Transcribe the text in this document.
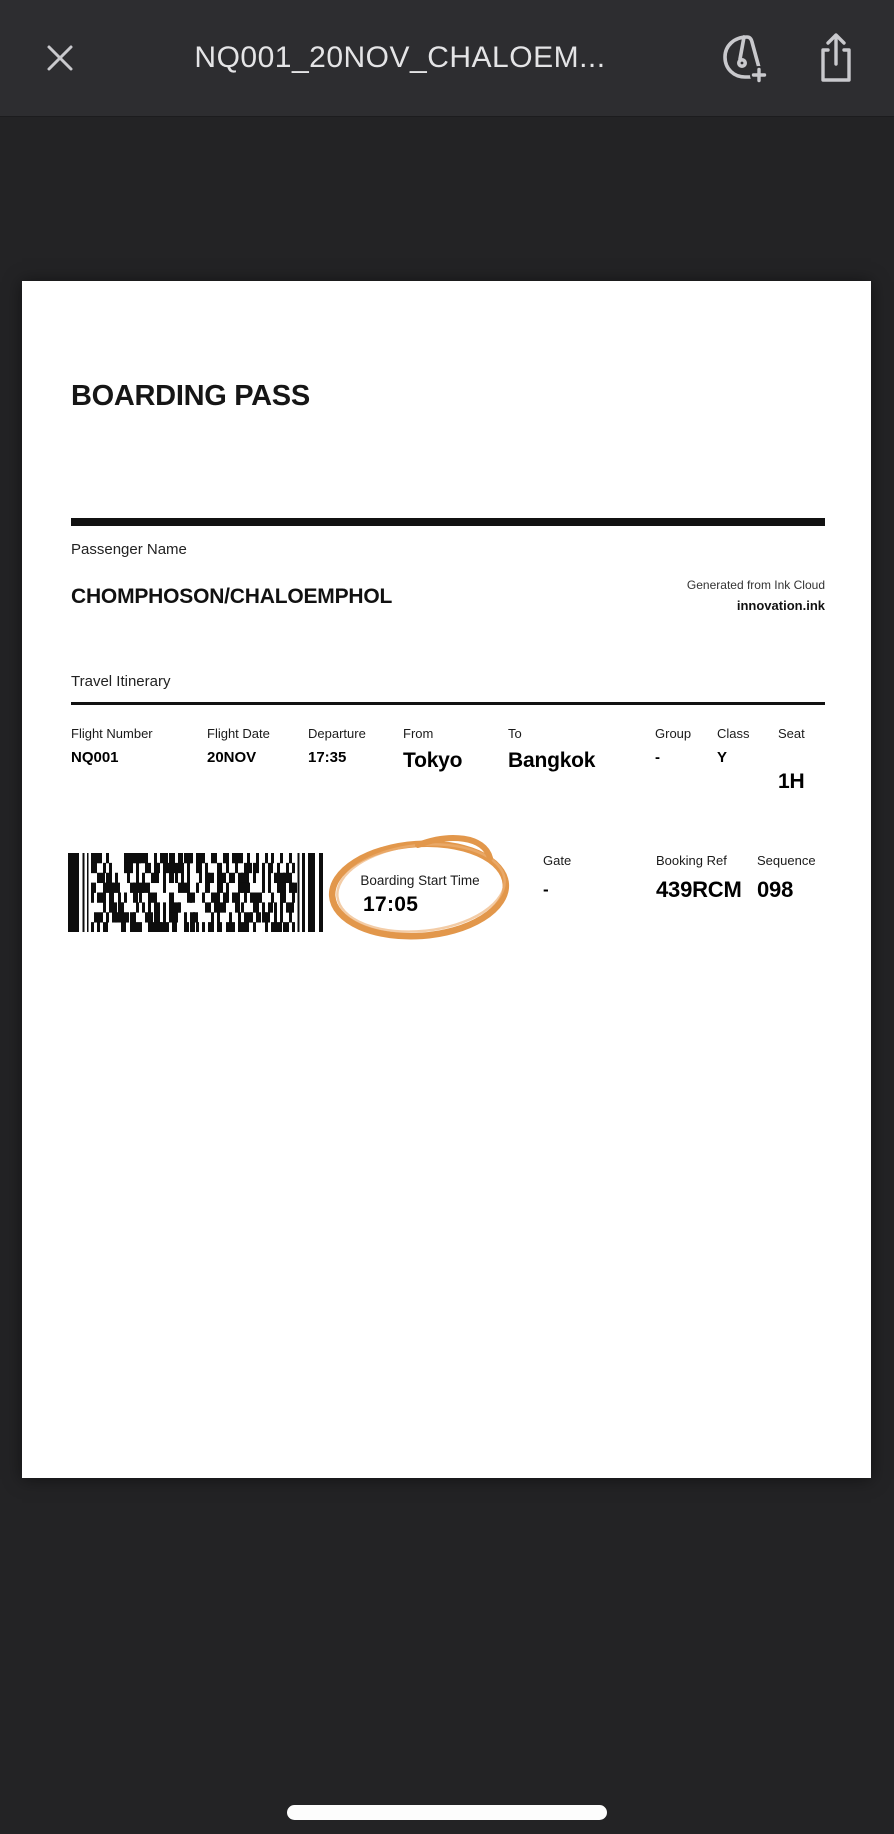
NQ001_20NOV_CHALOEM...
BOARDING PASS
Passenger Name
CHOMPHOSON/CHALOEMPHOL	Generated from Ink Cloud
innovation.ink
Travel Itinerary
Flight Number
NQ001
Flight Date
20NOV
Departure
17:35
From
Tokyo
To
Bangkok
Group
-
Class
Y
Seat
1H
Boarding Start Time
17:05
Gate
-
Booking Ref
439RCM
Sequence
098
